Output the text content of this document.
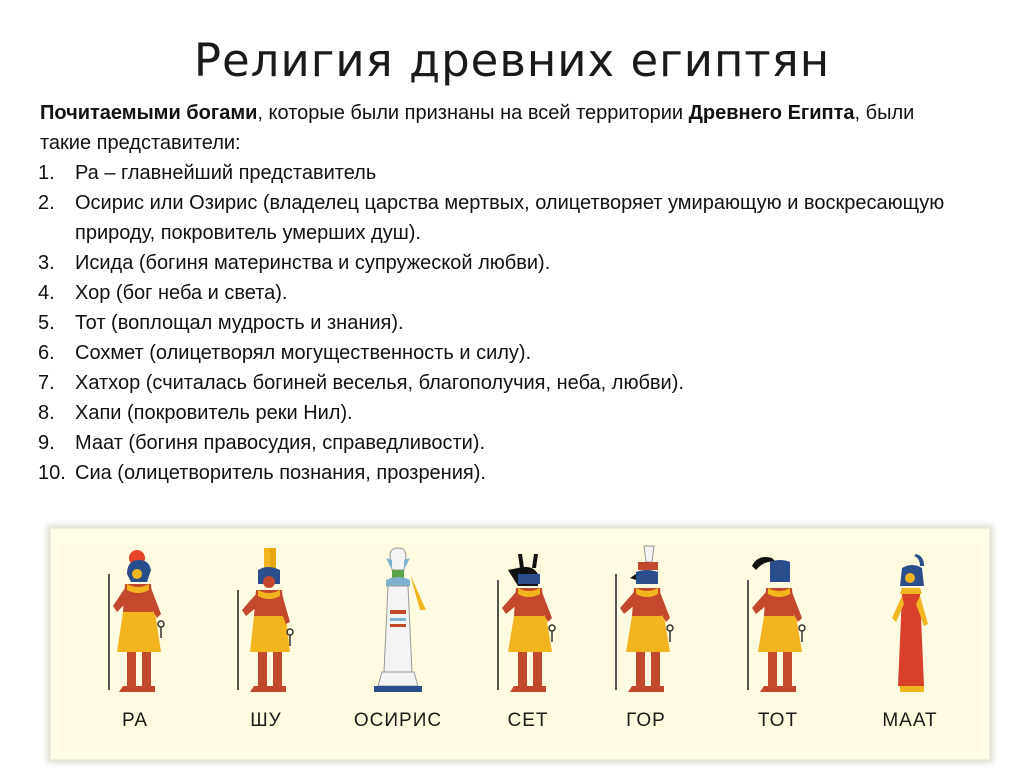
Религия древних египтян
Почитаемыми богами, которые были признаны на всей территории Древнего Египта, были такие представители:
1. Ра – главнейший представитель
2. Осирис или Озирис (владелец царства мертвых, олицетворяет умирающую и воскресающую природу, покровитель умерших душ).
3. Исида (богиня материнства и супружеской любви).
4. Хор (бог неба и света).
5. Тот (воплощал мудрость и знания).
6. Сохмет (олицетворял могущественность и силу).
7. Хатхор (считалась богиней веселья, благополучия, неба, любви).
8. Хапи (покровитель реки Нил).
9. Маат (богиня правосудия, справедливости).
10. Сиа (олицетворитель познания, прозрения).
РА	ШУ	ОСИРИС	СЕТ	ГОР	ТОТ	МААТ
